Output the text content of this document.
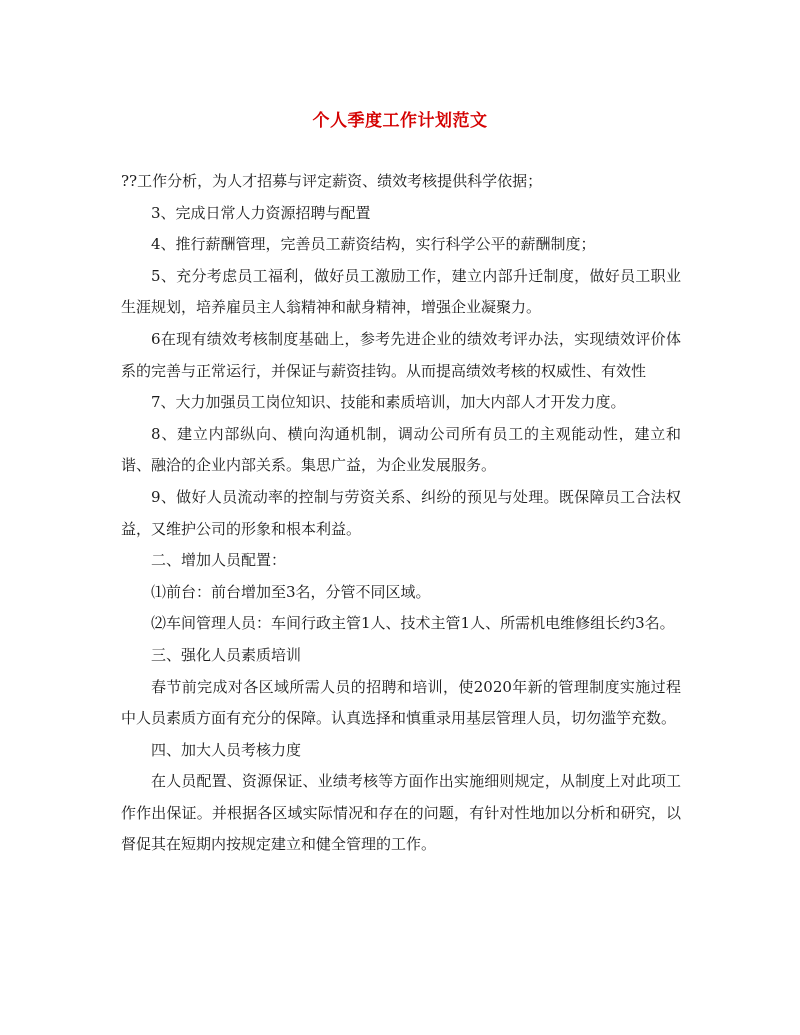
个人季度工作计划范文

??工作分析，为人才招募与评定薪资、绩效考核提供科学依据；

3、完成日常人力资源招聘与配置

4、推行薪酬管理，完善员工薪资结构，实行科学公平的薪酬制度；

5、充分考虑员工福利，做好员工激励工作，建立内部升迁制度，做好员工职业生涯规划，培养雇员主人翁精神和献身精神，增强企业凝聚力。

6在现有绩效考核制度基础上，参考先进企业的绩效考评办法，实现绩效评价体系的完善与正常运行，并保证与薪资挂钩。从而提高绩效考核的权威性、有效性

7、大力加强员工岗位知识、技能和素质培训，加大内部人才开发力度。

8、建立内部纵向、横向沟通机制，调动公司所有员工的主观能动性，建立和谐、融洽的企业内部关系。集思广益，为企业发展服务。

9、做好人员流动率的控制与劳资关系、纠纷的预见与处理。既保障员工合法权益，又维护公司的形象和根本利益。

二、增加人员配置：

⑴前台：前台增加至3名，分管不同区域。

⑵车间管理人员：车间行政主管1人、技术主管1人、所需机电维修组长约3名。

三、强化人员素质培训

春节前完成对各区域所需人员的招聘和培训，使2020年新的管理制度实施过程中人员素质方面有充分的保障。认真选择和慎重录用基层管理人员，切勿滥竽充数。

四、加大人员考核力度

在人员配置、资源保证、业绩考核等方面作出实施细则规定，从制度上对此项工作作出保证。并根据各区域实际情况和存在的问题，有针对性地加以分析和研究，以督促其在短期内按规定建立和健全管理的工作。
